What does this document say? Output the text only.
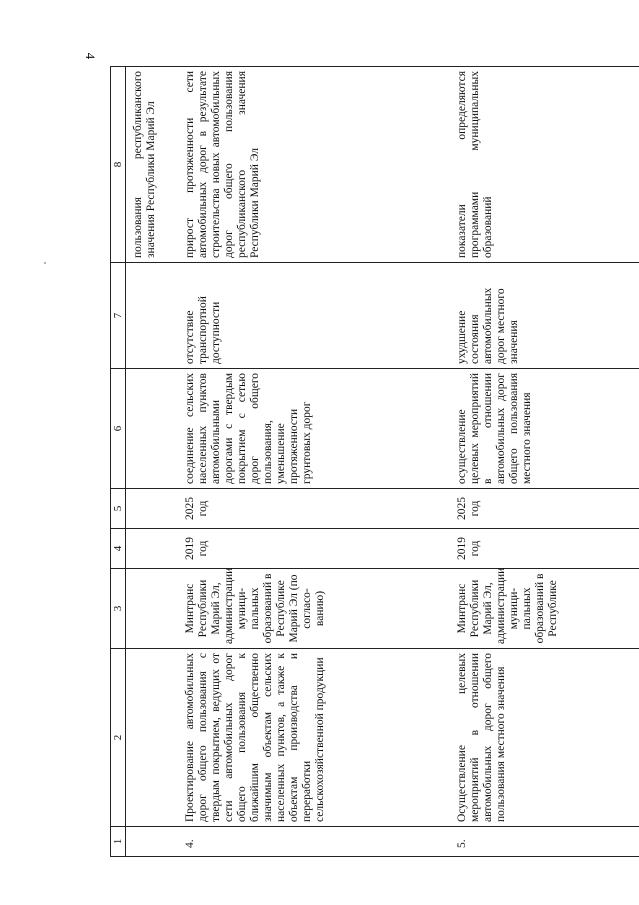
4
1	2	3	4	5	6	7	8
							пользования республиканского значения Республики Марий Эл
4.	Проектирование автомобильных дорог общего пользования с твердым покрытием, ведущих от сети автомобильных дорог общего пользования к ближайшим общественно значимым объектам сельских населенных пунктов, а также к объектам производства и переработки сельскохозяйственной продукции	Минтранс Республики Марий Эл, администрации муници-пальных образований в Республике Марий Эл (по согласо-ванию)	2019 год	2025 год	соединение сельских населенных пунктов автомобильными дорогами с твердым покрытием с сетью дорог общего пользования, уменьшение протяженности грунтовых дорог	отсутствие транспортной доступности	прирост протяженности сети автомобильных дорог в результате строительства новых автомобильных дорог общего пользования республиканского значения Республики Марий Эл
5.	Осуществление целевых мероприятий в отношении автомобильных дорог общего пользования местного значения	Минтранс Республики Марий Эл, администрации муници-пальных образований в Республике	2019 год	2025 год	осуществление целевых мероприятий в отношении автомобильных дорог общего пользования местного значения	ухудшение состояния автомобильных дорог местного значения	показатели определяются программами муниципальных образований
